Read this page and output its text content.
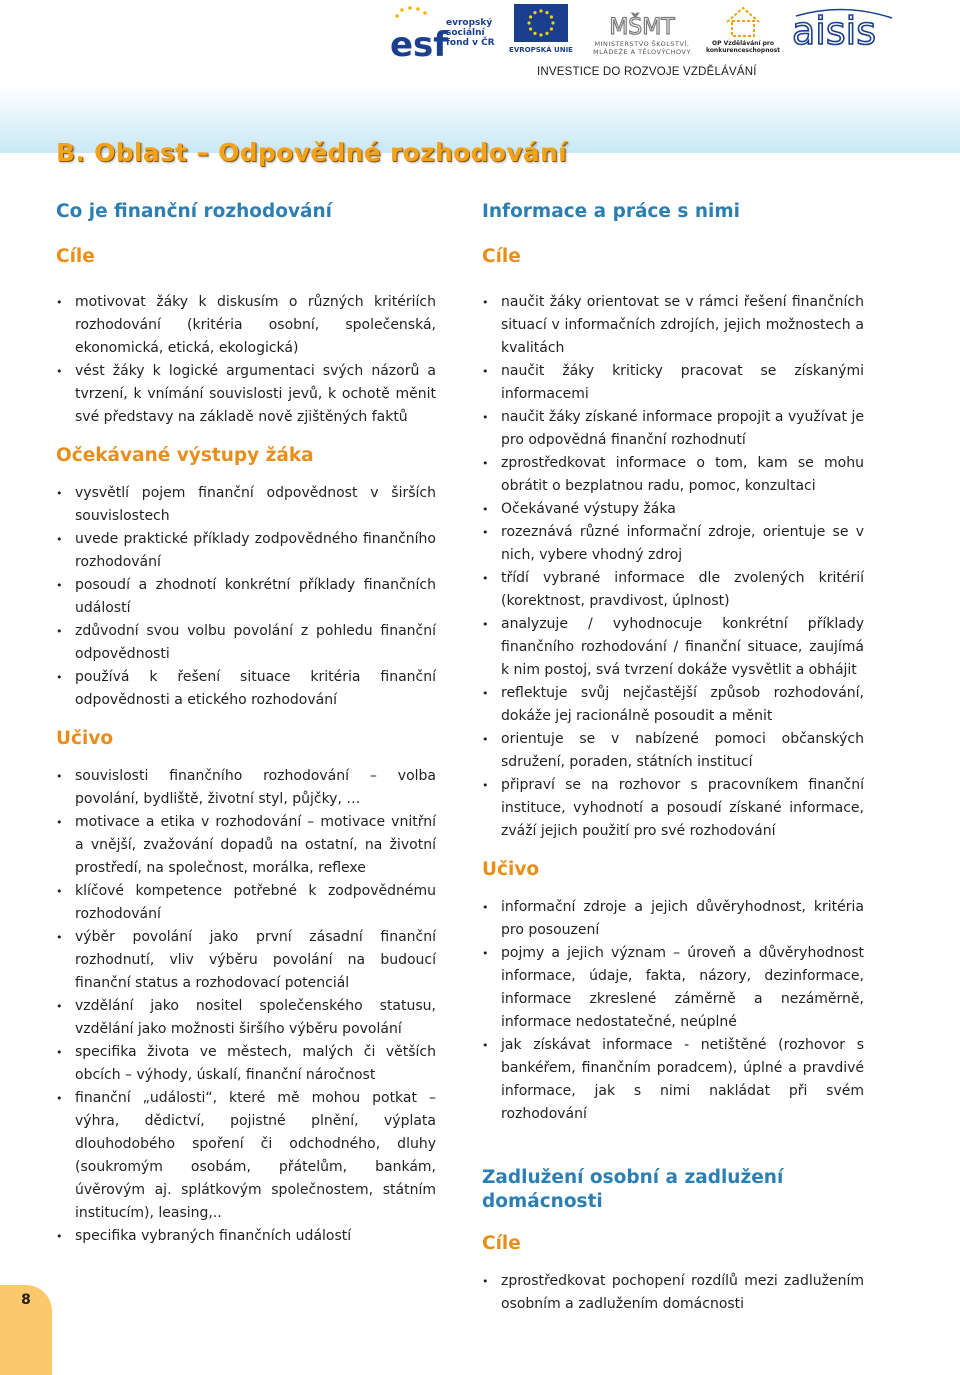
esf
evropský sociální fond v ČR
EVROPSKÁ UNIE
MŠMT
MINISTERSTVO ŠKOLSTVÍ,
MLÁDEŽE A TĚLOVÝCHOVY
OP Vzdělávání pro konkurenceschopnost aisis
INVESTICE DO ROZVOJE VZDĚLÁVÁNÍ
B. Oblast – Odpovědné rozhodování
Co je finanční rozhodování
Cíle
• motivovat žáky k diskusím o různých kritériích rozhodování (kritéria osobní, společenská, ekonomická, etická, ekologická)
• vést žáky k logické argumentaci svých názorů a tvrzení, k vnímání souvislosti jevů, k ochotě měnit své představy na základě nově zjištěných faktů
Očekávané výstupy žáka
• vysvětlí pojem finanční odpovědnost v širších souvislostech
• uvede praktické příklady zodpovědného finančního rozhodování
• posoudí a zhodnotí konkrétní příklady finančních událostí
• zdůvodní svou volbu povolání z pohledu finanční odpovědnosti
• používá k řešení situace kritéria finanční odpovědnosti a etického rozhodování
Učivo
• souvislosti finančního rozhodování – volba povolání, bydliště, životní styl, půjčky, …
• motivace a etika v rozhodování – motivace vnitřní a vnější, zvažování dopadů na ostatní, na životní prostředí, na společnost, morálka, reflexe
• klíčové kompetence potřebné k zodpovědnému rozhodování
• výběr povolání jako první zásadní finanční rozhodnutí, vliv výběru povolání na budoucí finanční status a rozhodovací potenciál
• vzdělání jako nositel společenského statusu, vzdělání jako možnosti širšího výběru povolání
• specifika života ve městech, malých či větších obcích – výhody, úskalí, finanční náročnost
• finanční „události“, které mě mohou potkat – výhra, dědictví, pojistné plnění, výplata dlouhodobého spoření či odchodného, dluhy (soukromým osobám, přátelům, bankám, úvěrovým aj. splátkovým společnostem, státním institucím), leasing,..
• specifika vybraných finančních událostí
Informace a práce s nimi
Cíle
• naučit žáky orientovat se v rámci řešení finančních situací v informačních zdrojích, jejich možnostech a kvalitách
• naučit žáky kriticky pracovat se získanými informacemi
• naučit žáky získané informace propojit a využívat je pro odpovědná finanční rozhodnutí
• zprostředkovat informace o tom, kam se mohu obrátit o bezplatnou radu, pomoc, konzultaci
• Očekávané výstupy žáka
• rozeznává různé informační zdroje, orientuje se v nich, vybere vhodný zdroj
• třídí vybrané informace dle zvolených kritérií (korektnost, pravdivost, úplnost)
• analyzuje / vyhodnocuje konkrétní příklady finančního rozhodování / finanční situace, zaujímá k nim postoj, svá tvrzení dokáže vysvětlit a obhájit
• reflektuje svůj nejčastější způsob rozhodování, dokáže jej racionálně posoudit a měnit
• orientuje se v nabízené pomoci občanských sdružení, poraden, státních institucí
• připraví se na rozhovor s pracovníkem finanční instituce, vyhodnotí a posoudí získané informace, zváží jejich použití pro své rozhodování
Učivo
• informační zdroje a jejich důvěryhodnost, kritéria pro posouzení
• pojmy a jejich význam – úroveň a důvěryhodnost informace, údaje, fakta, názory, dezinformace, informace zkreslené záměrně a nezáměrně, informace nedostatečné, neúplné
• jak získávat informace - netištěné (rozhovor s bankéřem, finančním poradcem), úplné a pravdivé informace, jak s nimi nakládat při svém rozhodování
Zadlužení osobní a zadlužení domácnosti
Cíle
• zprostředkovat pochopení rozdílů mezi zadlužením osobním a zadlužením domácnosti
8
